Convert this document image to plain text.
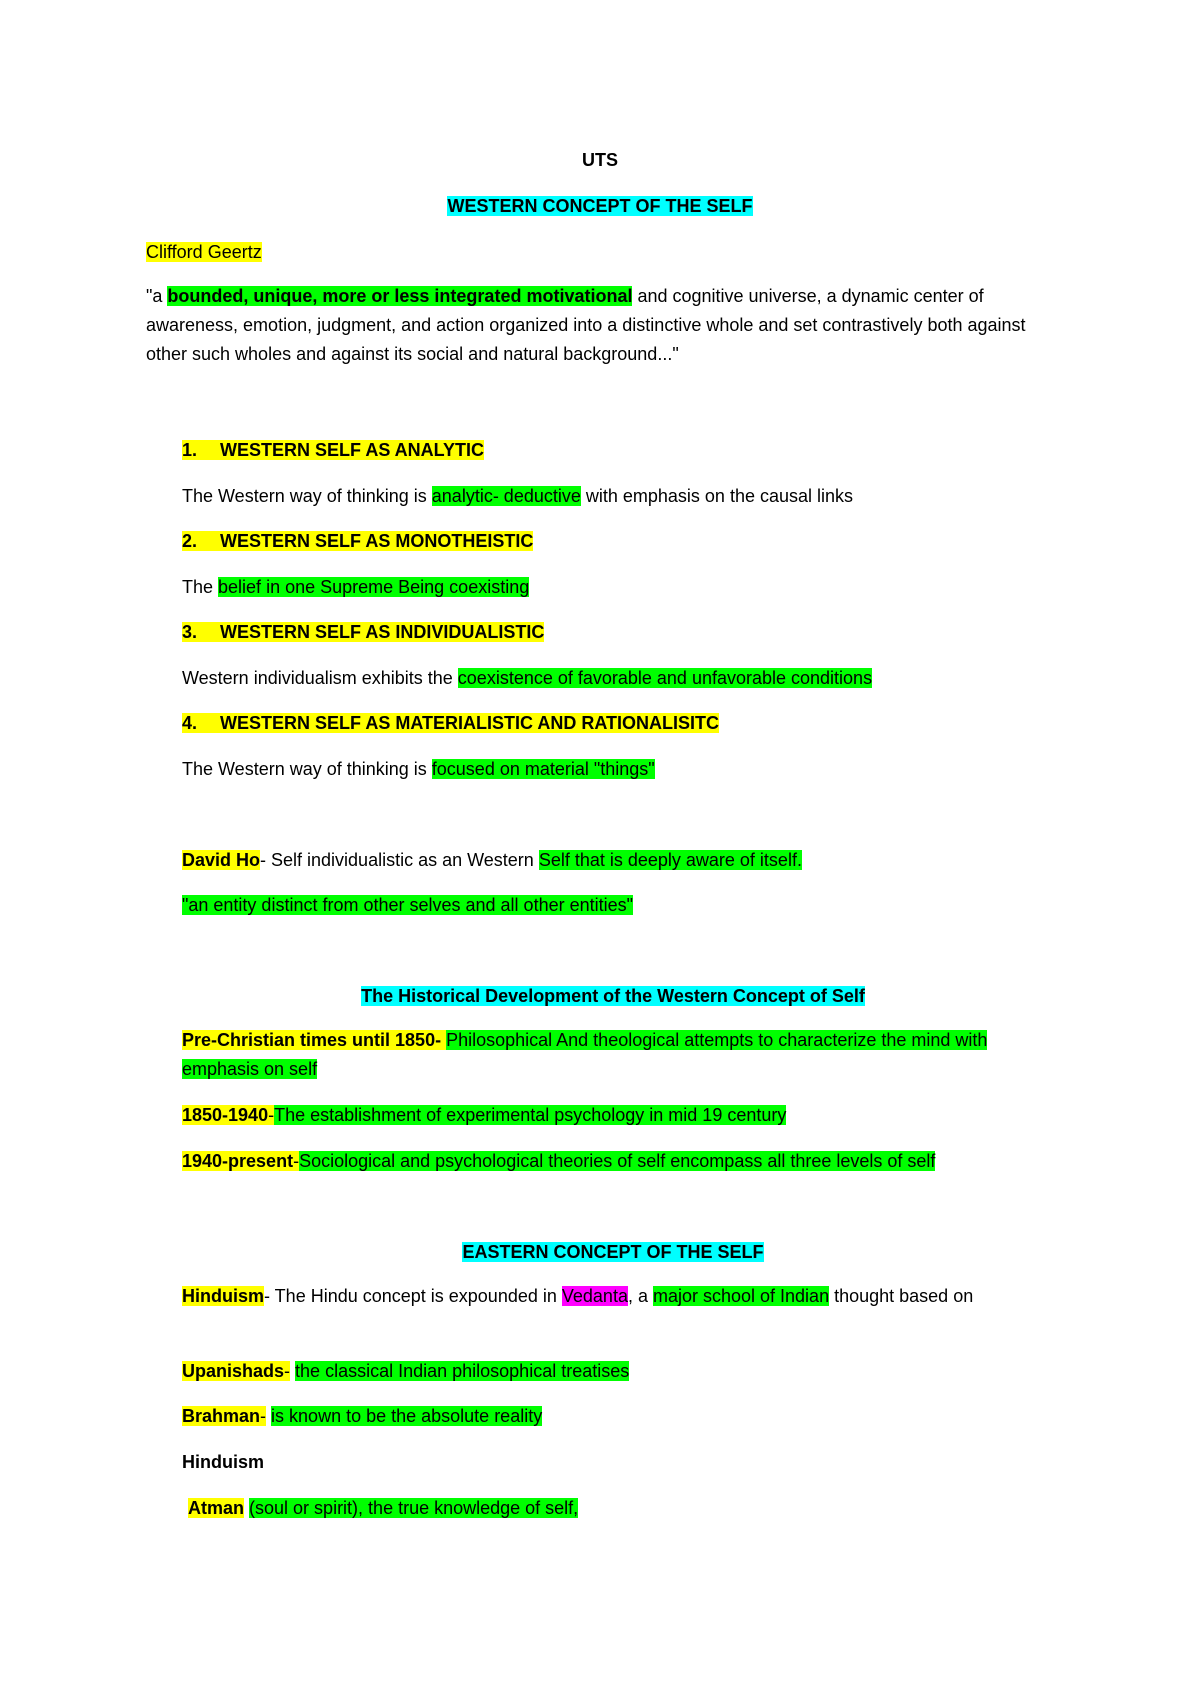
UTS
WESTERN CONCEPT OF THE SELF
Clifford Geertz
"a bounded, unique, more or less integrated motivational and cognitive universe, a dynamic center of awareness, emotion, judgment, and action organized into a distinctive whole and set contrastively both against other such wholes and against its social and natural background..."
1. WESTERN SELF AS ANALYTIC
The Western way of thinking is analytic- deductive with emphasis on the causal links
2. WESTERN SELF AS MONOTHEISTIC
The belief in one Supreme Being coexisting
3. WESTERN SELF AS INDIVIDUALISTIC
Western individualism exhibits the coexistence of favorable and unfavorable conditions
4. WESTERN SELF AS MATERIALISTIC AND RATIONALISITC
The Western way of thinking is focused on material "things"
David Ho- Self individualistic as an Western Self that is deeply aware of itself.
"an entity distinct from other selves and all other entities"
The Historical Development of the Western Concept of Self
Pre-Christian times until 1850- Philosophical And theological attempts to characterize the mind with emphasis on self
1850-1940-The establishment of experimental psychology in mid 19 century
1940-present-Sociological and psychological theories of self encompass all three levels of self
EASTERN CONCEPT OF THE SELF
Hinduism- The Hindu concept is expounded in Vedanta, a major school of Indian thought based on
Upanishads- the classical Indian philosophical treatises
Brahman- is known to be the absolute reality
Hinduism
Atman (soul or spirit), the true knowledge of self,
